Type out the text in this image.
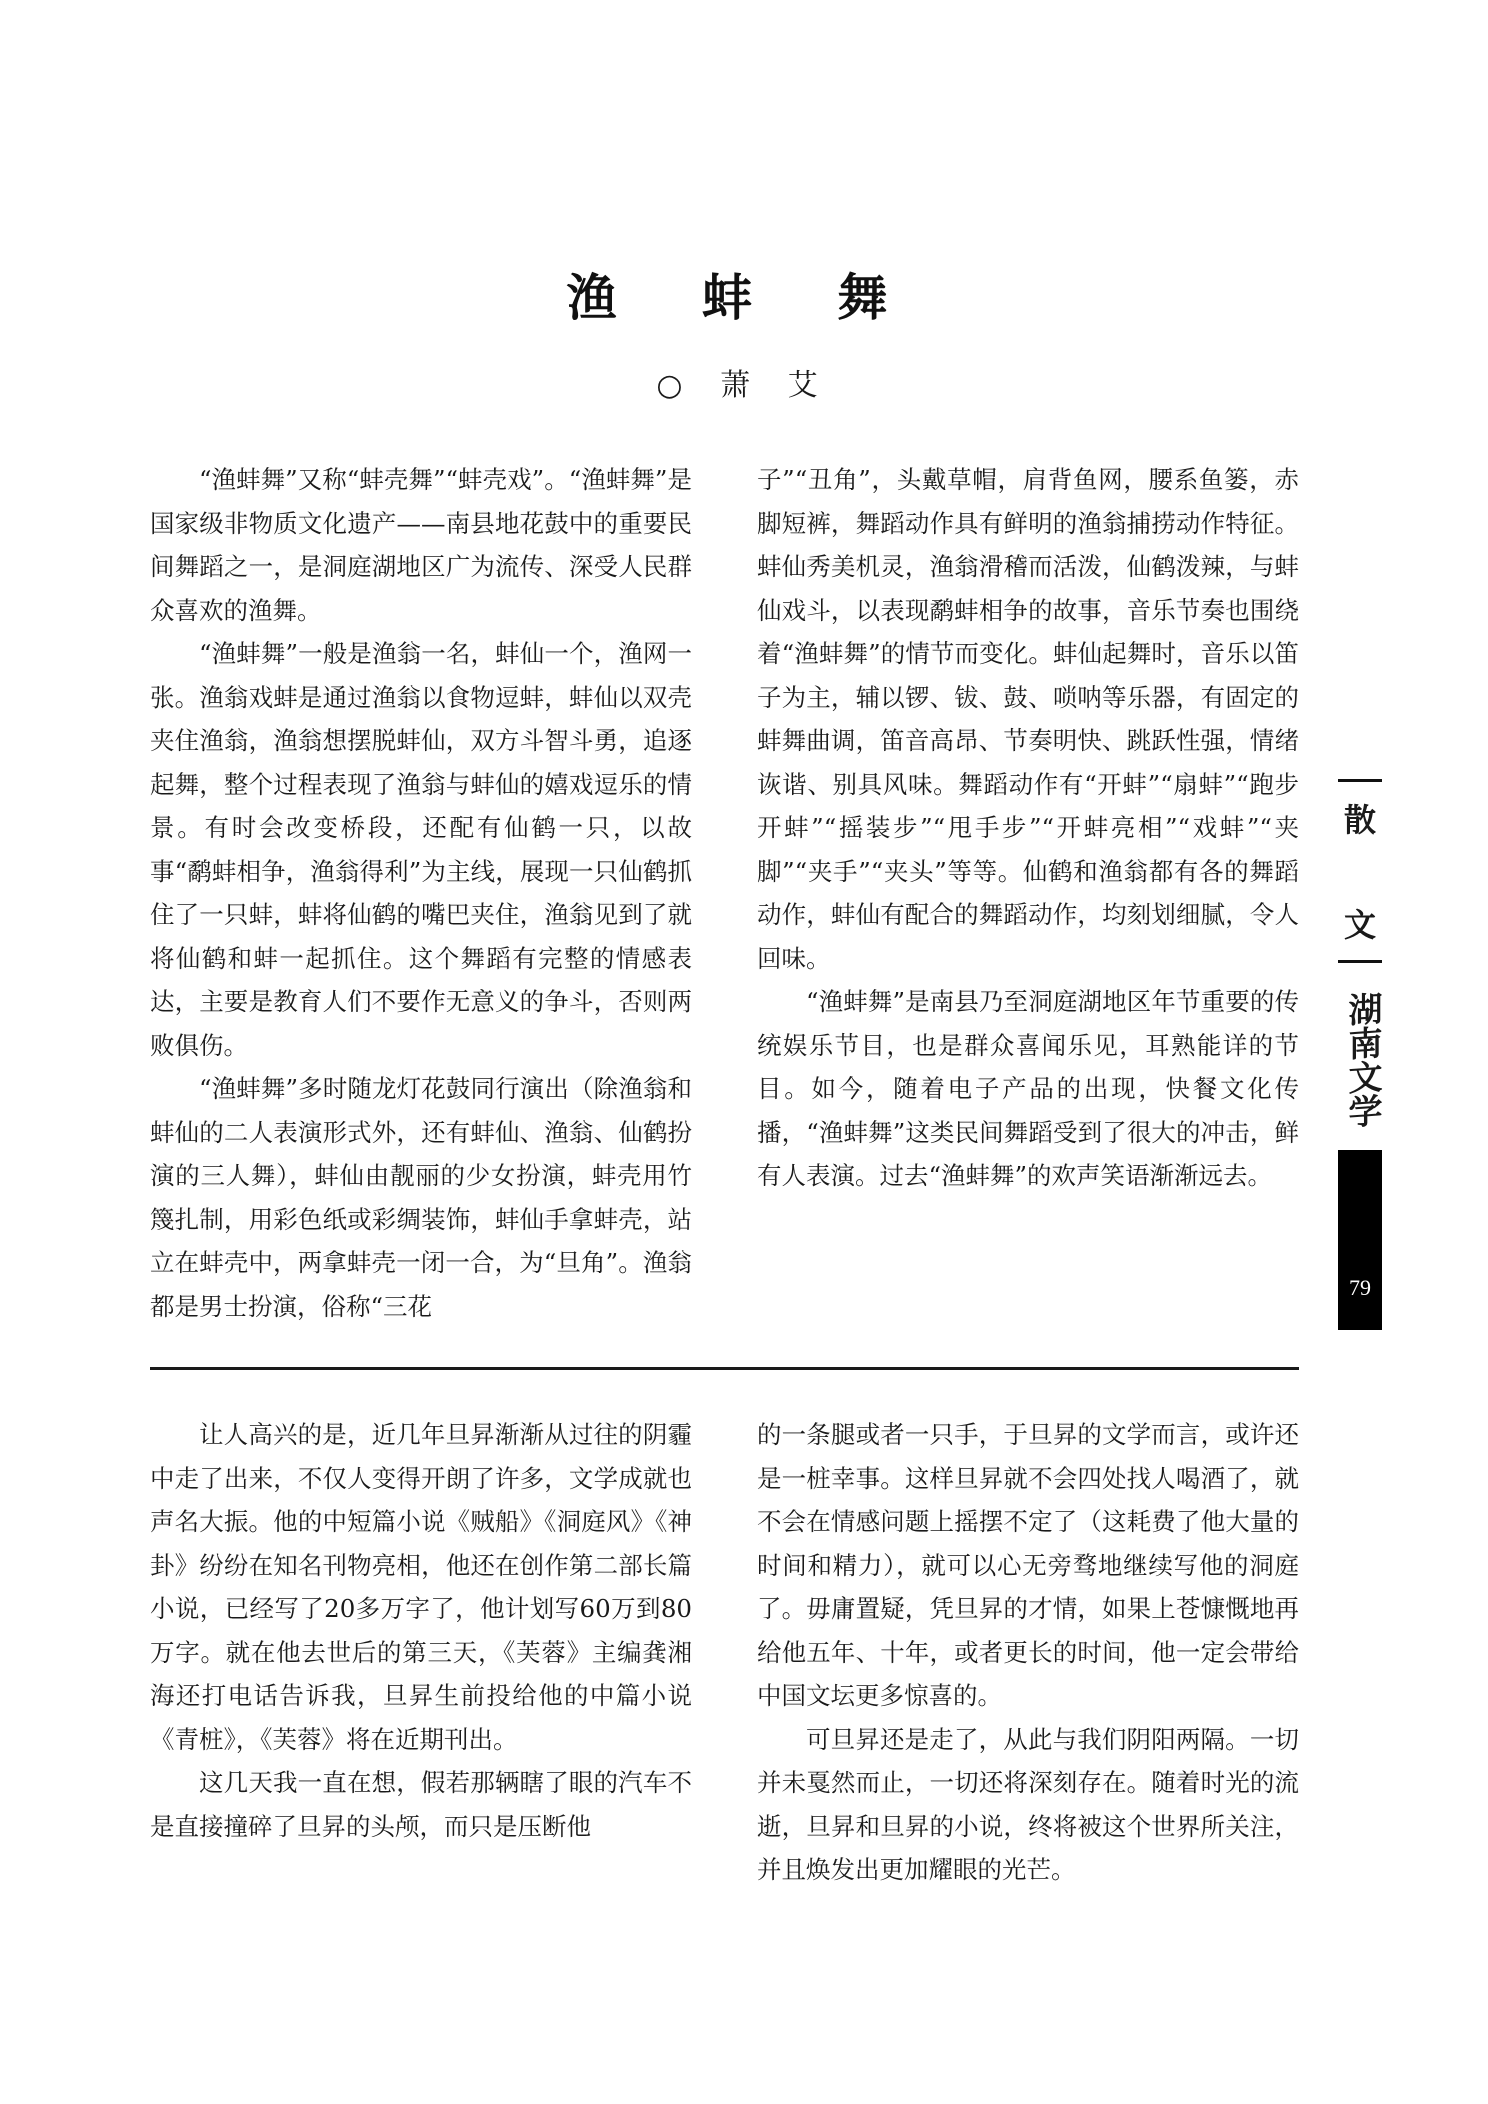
渔 蚌 舞
○ 萧 艾

“渔蚌舞”又称“蚌壳舞”“蚌壳戏”。“渔蚌舞”是国家级非物质文化遗产——南县地花鼓中的重要民间舞蹈之一，是洞庭湖地区广为流传、深受人民群众喜欢的渔舞。

“渔蚌舞”一般是渔翁一名，蚌仙一个，渔网一张。渔翁戏蚌是通过渔翁以食物逗蚌，蚌仙以双壳夹住渔翁，渔翁想摆脱蚌仙，双方斗智斗勇，追逐起舞，整个过程表现了渔翁与蚌仙的嬉戏逗乐的情景。有时会改变桥段，还配有仙鹤一只，以故事“鹬蚌相争，渔翁得利”为主线，展现一只仙鹤抓住了一只蚌，蚌将仙鹤的嘴巴夹住，渔翁见到了就将仙鹤和蚌一起抓住。这个舞蹈有完整的情感表达，主要是教育人们不要作无意义的争斗，否则两败俱伤。

“渔蚌舞”多时随龙灯花鼓同行演出（除渔翁和蚌仙的二人表演形式外，还有蚌仙、渔翁、仙鹤扮演的三人舞），蚌仙由靓丽的少女扮演，蚌壳用竹篾扎制，用彩色纸或彩绸装饰，蚌仙手拿蚌壳，站立在蚌壳中，两拿蚌壳一闭一合，为“旦角”。渔翁都是男士扮演，俗称“三花

子”“丑角”，头戴草帽，肩背鱼网，腰系鱼篓，赤脚短裤，舞蹈动作具有鲜明的渔翁捕捞动作特征。蚌仙秀美机灵，渔翁滑稽而活泼，仙鹤泼辣，与蚌仙戏斗，以表现鹬蚌相争的故事，音乐节奏也围绕着“渔蚌舞”的情节而变化。蚌仙起舞时，音乐以笛子为主，辅以锣、钹、鼓、唢呐等乐器，有固定的蚌舞曲调，笛音高昂、节奏明快、跳跃性强，情绪诙谐、别具风味。舞蹈动作有“开蚌”“扇蚌”“跑步开蚌”“摇装步”“甩手步”“开蚌亮相”“戏蚌”“夹脚”“夹手”“夹头”等等。仙鹤和渔翁都有各的舞蹈动作，蚌仙有配合的舞蹈动作，均刻划细腻，令人回味。

“渔蚌舞”是南县乃至洞庭湖地区年节重要的传统娱乐节目，也是群众喜闻乐见，耳熟能详的节目。如今，随着电子产品的出现，快餐文化传播，“渔蚌舞”这类民间舞蹈受到了很大的冲击，鲜有人表演。过去“渔蚌舞”的欢声笑语渐渐远去。

让人高兴的是，近几年旦昇渐渐从过往的阴霾中走了出来，不仅人变得开朗了许多，文学成就也声名大振。他的中短篇小说《贼船》《洞庭风》《神卦》纷纷在知名刊物亮相，他还在创作第二部长篇小说，已经写了20多万字了，他计划写60万到80万字。就在他去世后的第三天，《芙蓉》主编龚湘海还打电话告诉我，旦昇生前投给他的中篇小说《青桩》，《芙蓉》将在近期刊出。

这几天我一直在想，假若那辆瞎了眼的汽车不是直接撞碎了旦昇的头颅，而只是压断他

的一条腿或者一只手，于旦昇的文学而言，或许还是一桩幸事。这样旦昇就不会四处找人喝酒了，就不会在情感问题上摇摆不定了（这耗费了他大量的时间和精力），就可以心无旁骛地继续写他的洞庭了。毋庸置疑，凭旦昇的才情，如果上苍慷慨地再给他五年、十年，或者更长的时间，他一定会带给中国文坛更多惊喜的。

可旦昇还是走了，从此与我们阴阳两隔。一切并未戛然而止，一切还将深刻存在。随着时光的流逝，旦昇和旦昇的小说，终将被这个世界所关注，并且焕发出更加耀眼的光芒。

散
文
湖南文学
79
